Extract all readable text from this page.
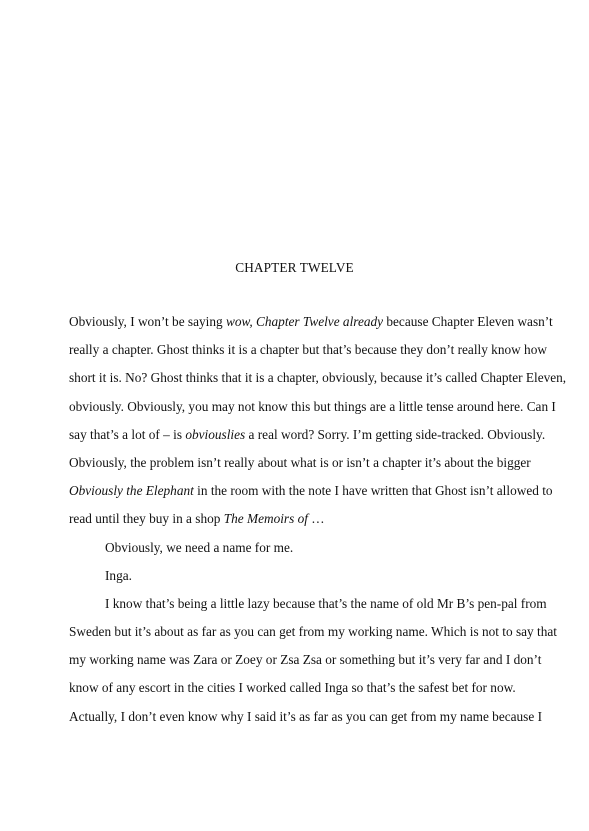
CHAPTER TWELVE
Obviously, I won’t be saying wow, Chapter Twelve already because Chapter Eleven wasn’t
really a chapter. Ghost thinks it is a chapter but that’s because they don’t really know how
short it is. No? Ghost thinks that it is a chapter, obviously, because it’s called Chapter Eleven,
obviously. Obviously, you may not know this but things are a little tense around here. Can I
say that’s a lot of – is obviouslies a real word? Sorry. I’m getting side-tracked. Obviously.
Obviously, the problem isn’t really about what is or isn’t a chapter it’s about the bigger
Obviously the Elephant in the room with the note I have written that Ghost isn’t allowed to
read until they buy in a shop The Memoirs of …
Obviously, we need a name for me.
Inga.
I know that’s being a little lazy because that’s the name of old Mr B’s pen-pal from
Sweden but it’s about as far as you can get from my working name. Which is not to say that
my working name was Zara or Zoey or Zsa Zsa or something but it’s very far and I don’t
know of any escort in the cities I worked called Inga so that’s the safest bet for now.
Actually, I don’t even know why I said it’s as far as you can get from my name because I
